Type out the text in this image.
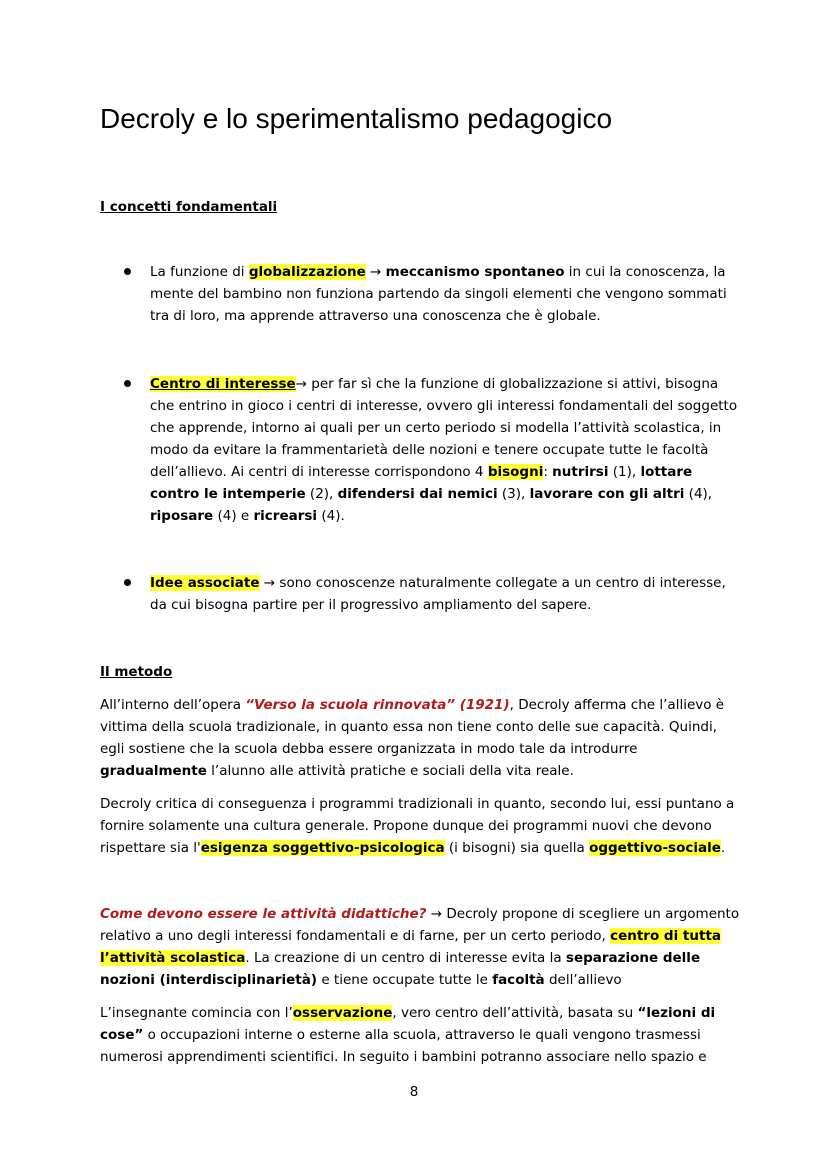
Decroly e lo sperimentalismo pedagogico
I concetti fondamentali

La funzione di globalizzazione → meccanismo spontaneo in cui la conoscenza, la mente del bambino non funziona partendo da singoli elementi che vengono sommati tra di loro, ma apprende attraverso una conoscenza che è globale.

Centro di interesse→ per far sì che la funzione di globalizzazione si attivi, bisogna che entrino in gioco i centri di interesse, ovvero gli interessi fondamentali del soggetto che apprende, intorno ai quali per un certo periodo si modella l’attività scolastica, in modo da evitare la frammentarietà delle nozioni e tenere occupate tutte le facoltà dell’allievo. Ai centri di interesse corrispondono 4 bisogni: nutrirsi (1), lottare contro le intemperie (2), difendersi dai nemici (3), lavorare con gli altri (4), riposare (4) e ricrearsi (4).

Idee associate → sono conoscenze naturalmente collegate a un centro di interesse, da cui bisogna partire per il progressivo ampliamento del sapere.

Il metodo

All’interno dell’opera “Verso la scuola rinnovata” (1921), Decroly afferma che l’allievo è vittima della scuola tradizionale, in quanto essa non tiene conto delle sue capacità. Quindi, egli sostiene che la scuola debba essere organizzata in modo tale da introdurre gradualmente l’alunno alle attività pratiche e sociali della vita reale.

Decroly critica di conseguenza i programmi tradizionali in quanto, secondo lui, essi puntano a fornire solamente una cultura generale. Propone dunque dei programmi nuovi che devono rispettare sia l'esigenza soggettivo-psicologica (i bisogni) sia quella oggettivo-sociale.

Come devono essere le attività didattiche? → Decroly propone di scegliere un argomento relativo a uno degli interessi fondamentali e di farne, per un certo periodo, centro di tutta l’attività scolastica. La creazione di un centro di interesse evita la separazione delle nozioni (interdisciplinarietà) e tiene occupate tutte le facoltà dell’allievo

L’insegnante comincia con l’osservazione, vero centro dell’attività, basata su “lezioni di cose” o occupazioni interne o esterne alla scuola, attraverso le quali vengono trasmessi numerosi apprendimenti scientifici. In seguito i bambini potranno associare nello spazio e

8
